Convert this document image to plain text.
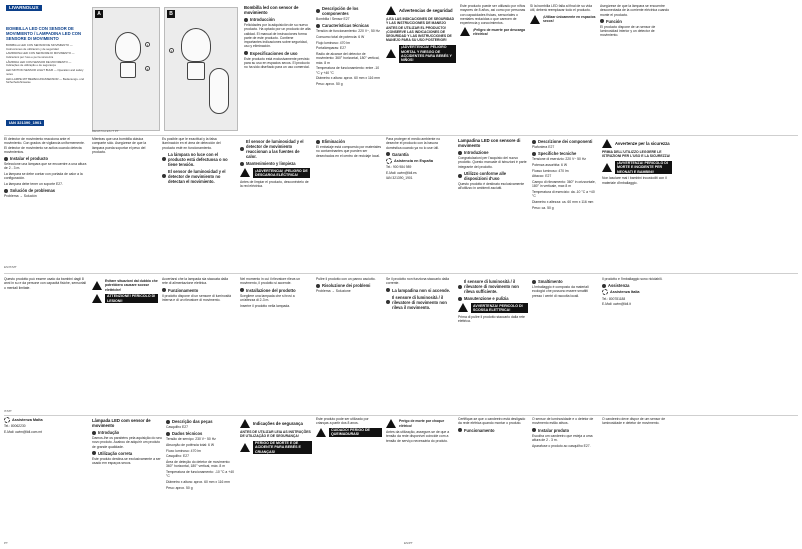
LIVARNOLUX
BOMBILLA LED CON SENSOR DE MOVIMIENTO / LAMPADINA LED CON SENSORE DI MOVIMENTO

BOMBILLA LED CON SENSOR DE MOVIMIENTO — Instrucciones de utilización y de seguridad

LAMPADINA LED CON SENSORE DI MOVIMENTO — Indicazioni per l'uso e per la sicurezza

LÂMPADA LED COM SENSOR DE MOVIMENTO — Indicações de utilização e de segurança

LED MOTION SENSOR LIGHT BULB — Operation and safety notes

LED-LAMPE MIT BEWEGUNGSSENSOR — Bedienungs- und Sicherheitshinweise

IAN 321390_1901
A
1
2
B
3
DE/AT/CH ES IT PT
Bombilla led con sensor de movimiento
Introducción

Felicidades por la adquisición de su nuevo producto. Ha optado por un producto de alta calidad. El manual de instrucciones forma parte de este producto. Contiene importantes indicaciones sobre seguridad, uso y eliminación.

Especificaciones de uso

Este producto está exclusivamente previsto para su uso en espacios secos. El producto no ha sido diseñado para un uso comercial.

Descripción de los componentes

Bombilla / Sensor E27

Características técnicas

Tensión de funcionamiento: 220 V~, 50 Hz

Consumo total de potencia: 6 W

Flujo luminoso: 470 lm

Portalámparas: E27

Radio de alcance del detector de movimiento: 360° horizontal, 180° vertical, máx. 8 m

Temperatura de funcionamiento: entre -10 °C y +40 °C

Diámetro x altura: aprox. 60 mm x 116 mm

Peso: aprox. 50 g

Advertencias de seguridad

¡LEA LAS INDICACIONES DE SEGURIDAD Y LAS INSTRUCCIONES DE MANEJO ANTES DE UTILIZAR EL PRODUCTO! ¡CONSERVE LAS INDICACIONES DE SEGURIDAD Y LAS INSTRUCCIONES DE MANEJO PARA SU USO POSTERIOR!

¡ADVERTENCIA! PELIGRO MORTAL Y RIESGO DE ACCIDENTES PARA BEBÉS Y NIÑOS!

Este producto puede ser utilizado por niños mayores de 8 años, así como por personas con capacidades físicas, sensoriales o mentales reducidas o que carecen de experiencia y conocimientos.

¡Peligro de muerte por descarga eléctrica!

Si la bombilla LED falla al final de su vida útil, deberá reemplazar todo el producto.

¡Utilizar únicamente en espacios secos!

Asegúrese de que la lámpara se encuentre desconectada de la corriente eléctrica cuando monte el producto.

Función

El producto dispone de un sensor de luminosidad interior y un detector de movimiento.

El detector de movimiento reacciona ante el movimiento. Con grados de vigilancia uniformemente. El detector de movimiento se activa cuando detecta movimientos.

Instalar el producto

Seleccione una lámpara que se encuentre a una altura de 2 - 3 m.

La lámpara se debe contar con portada de calor a la configuración.

La lámpara debe tener un soporte E27.

Solución de problemas

Problema → Solución

Mientras que una bombilla clásica comparte sólo. Asegúrese de que la lámpara pueda soportar el peso del producto.

Es posible que le exactitud y la falsa iluminación en el área de detección del producto esté en funcionamiento.

La lámpara no luce con el producto está defectuosa o no tiene tensión.
El sensor de luminosidad y el detector de movimiento no detectan el movimiento.
El sensor de luminosidad y el detector de movimiento reaccionan a las fuentes de calor.
Mantenimiento y limpieza
¡ADVERTENCIA! ¡PELIGRO DE DESCARGA ELÉCTRICA!

Antes de limpiar el producto, desconéctelo de la red eléctrica.

Eliminación

El embalaje está compuesto por materiales no contaminantes que pueden ser desechados en el centro de reciclaje local.

Para proteger el medio ambiente no deseche el producto con la basura doméstica cuando ya no lo use útil.

Garantía

Asistencia en España

Tel.: 900 984 989

E-Mail: owim@lidl.es

IAN 321390_1901

Lampadina LED con sensore di movimento
Introduzione

Congratulazioni per l'acquisto del nuovo prodotto. Questo manuale di istruzioni è parte integrante del prodotto.

Utilizzo conforme alle disposizioni d'uso

Questo prodotto è destinato esclusivamente all'utilizzo in ambienti asciutti.

Descrizione dei componenti

Plafoniera E27

Specifiche tecniche

Tensione di esercizio: 220 V~ 50 Hz

Potenza assorbita: 6 W

Flusso luminoso: 470 lm

Attacco: E27

Campo di rilevamento: 360° in orizzontale, 180° in verticale, max 8 m

Temperatura di esercizio: da -10 °C a +40 °C

Diametro x altezza: ca. 60 mm x 116 mm

Peso: ca. 50 g

Avvertenze per la sicurezza

PRIMA DELL'UTILIZZO LEGGERE LE ISTRUZIONI PER L'USO E LA SICUREZZA!

¡AVVERTENZA! PERICOLO DI MORTE E INCIDENTE PER NEONATI E BAMBINI!

Non lasciare mai i bambini incustoditi con il materiale d'imballaggio.

ES/IT/MT

Questo prodotto può essere usato da bambini dagli 8 anni in su e da persone con capacità fisiche, sensoriali o mentali limitate.

Evitare situazioni dal dubbio che potrebbero causare scosse elettriche!
ATTENZIONE! PERICOLO DI LESIONI!

Accertarsi che la lampada sia staccata dalla rete di alimentazione elettrica.

Funzionamento

Il prodotto dispone di un sensore di luminosità interna e di un rilevatore di movimento.

Nel momento in cui il rilevatore rileva un movimento, il prodotto si accende.

Installazione del prodotto

Scegliere una lampada che si trovi a un'altezza di 2-3 m.

Inserire il prodotto nella lampada.

Pulire il prodotto con un panno asciutto.

Risoluzione dei problemi

Problema → Soluzione

Se il prodotto non funziona staccarlo dalla corrente.

La lampadina non si accende.
Il sensore di luminosità / il rilevatore di movimento non rileva il movimento.
Il sensore di luminosità / il rilevatore di movimento non rileva sufficiente.
Manutenzione e pulizia
AVVERTENZA! PERICOLO DI SCOSSA ELETTRICA!

Prima di pulire il prodotto staccarlo dalla rete elettrica.

Smaltimento

L'imballaggio è composto da materiali ecologici che possono essere smaltiti presso i centri di raccolta locali.

Il prodotto e l'imballaggio sono riciclabili.

Assistenza

Assistenza Italia

Tel.: 800781188

E-Mail: owim@lidl.it

IT/MT

Assistenza Malta

Tel.: 80062230

E-Mail: owim@lidl.com.mt

Lâmpada LED com sensor de movimento
Introdução

Damos-lhe os parabéns pela aquisição do seu novo produto. Acabou de adquirir um produto de grande qualidade.

Utilização correta

Este produto destina-se exclusivamente a ser usado em espaços secos.

Descrição das peças

Casquilho E27

Dados técnicos

Tensão de serviço: 230 V~ 50 Hz

Absorção de potência total: 6 W

Fluxo luminoso: 470 lm

Casquilho: E27

Área de deteção do detetor de movimento: 360° horizontal, 180° vertical, máx. 8 m

Temperatura de funcionamento: -10 °C a +40 °C

Diâmetro x altura: aprox. 60 mm x 116 mm

Peso: aprox. 50 g

Indicações de segurança

ANTES DE UTILIZAR LEIA AS INSTRUÇÕES DE UTILIZAÇÃO E DE SEGURANÇA!

PERIGO DE MORTE E DE ACIDENTE PARA BEBÉS E CRIANÇAS!

Este produto pode ser utilizado por crianças a partir dos 8 anos.

CUIDADO! PERIGO DE QUEIMADURAS!
Perigo de morte por choque elétrico!

Antes da utilização, assegure-se de que a tensão da rede disponível coincide com a tensão de serviço necessária do produto.

Certifique-se que o candeeiro está desligado da rede elétrica quando montar o produto.

Funcionamento

O sensor de luminosidade e o detetor de movimento estão ativos.

Instalar produto

Escolha um candeeiro que esteja a uma altura de 2 - 3 m.

Aparafuse o produto ao casquilho E27.

O candeeiro deve dispor de um sensor de luminosidade e detetor de movimento.

PT	ES/PT
